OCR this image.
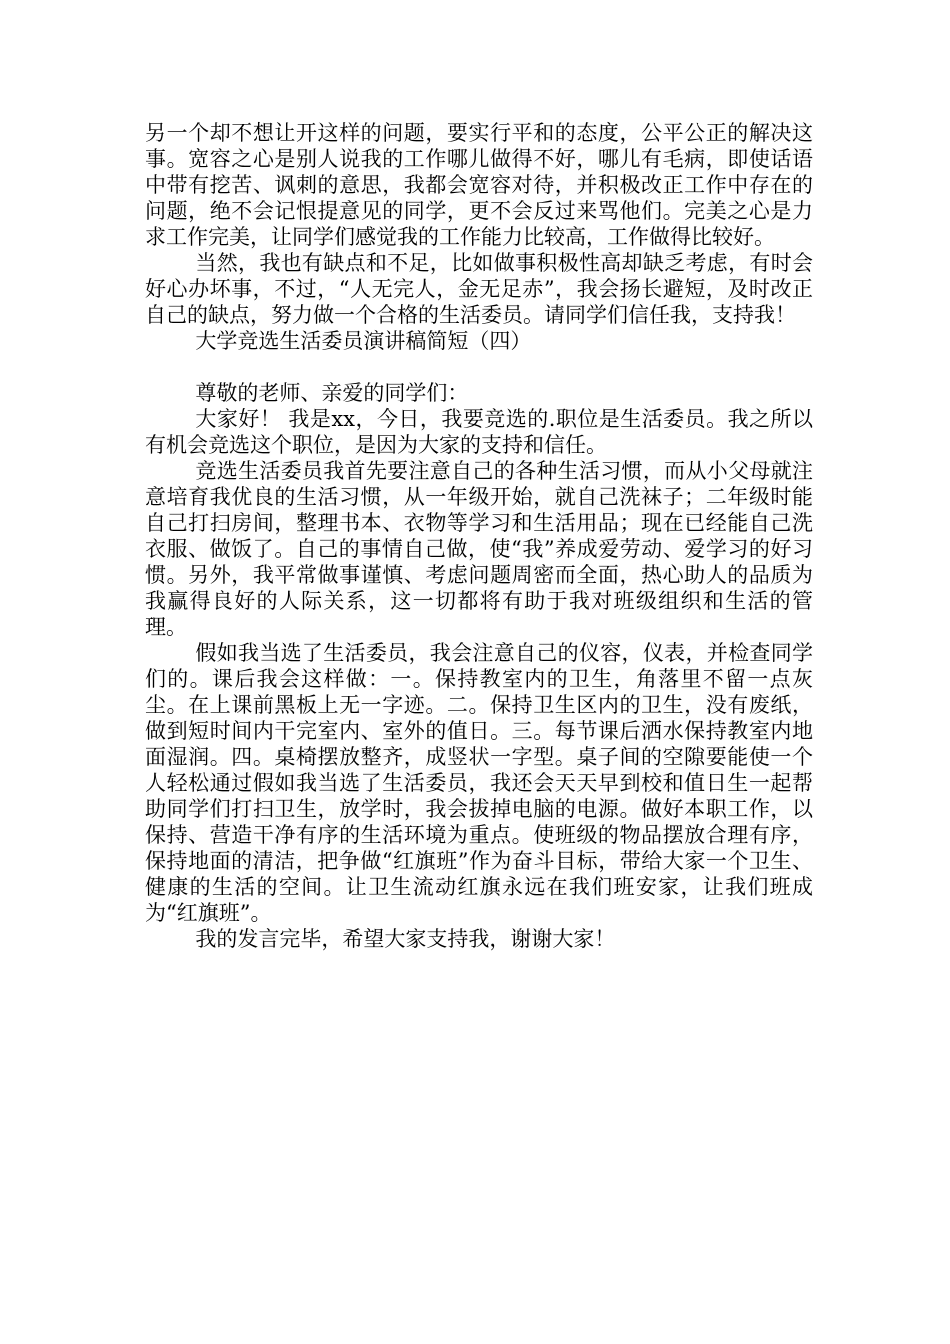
另一个却不想让开这样的问题，要实行平和的态度，公平公正的解决这事。宽容之心是别人说我的工作哪儿做得不好，哪儿有毛病，即使话语中带有挖苦、讽刺的意思，我都会宽容对待，并积极改正工作中存在的问题，绝不会记恨提意见的同学，更不会反过来骂他们。完美之心是力求工作完美，让同学们感觉我的工作能力比较高，工作做得比较好。

当然，我也有缺点和不足，比如做事积极性高却缺乏考虑，有时会好心办坏事，不过，“人无完人，金无足赤”，我会扬长避短，及时改正自己的缺点，努力做一个合格的生活委员。请同学们信任我，支持我！

大学竞选生活委员演讲稿简短（四）

尊敬的老师、亲爱的同学们：

大家好！ 我是xx，今日，我要竞选的.职位是生活委员。我之所以有机会竞选这个职位，是因为大家的支持和信任。

竞选生活委员我首先要注意自己的各种生活习惯，而从小父母就注意培育我优良的生活习惯，从一年级开始，就自己洗袜子；二年级时能自己打扫房间，整理书本、衣物等学习和生活用品；现在已经能自己洗衣服、做饭了。自己的事情自己做，使“我”养成爱劳动、爱学习的好习惯。另外，我平常做事谨慎、考虑问题周密而全面，热心助人的品质为我赢得良好的人际关系，这一切都将有助于我对班级组织和生活的管理。

假如我当选了生活委员，我会注意自己的仪容，仪表，并检查同学们的。课后我会这样做：一。保持教室内的卫生，角落里不留一点灰尘。在上课前黑板上无一字迹。二。保持卫生区内的卫生，没有废纸，做到短时间内干完室内、室外的值日。三。每节课后洒水保持教室内地面湿润。四。桌椅摆放整齐，成竖状一字型。桌子间的空隙要能使一个人轻松通过假如我当选了生活委员，我还会天天早到校和值日生一起帮助同学们打扫卫生，放学时，我会拔掉电脑的电源。做好本职工作，以保持、营造干净有序的生活环境为重点。使班级的物品摆放合理有序，保持地面的清洁，把争做“红旗班”作为奋斗目标，带给大家一个卫生、健康的生活的空间。让卫生流动红旗永远在我们班安家，让我们班成为“红旗班”。

我的发言完毕，希望大家支持我，谢谢大家！
